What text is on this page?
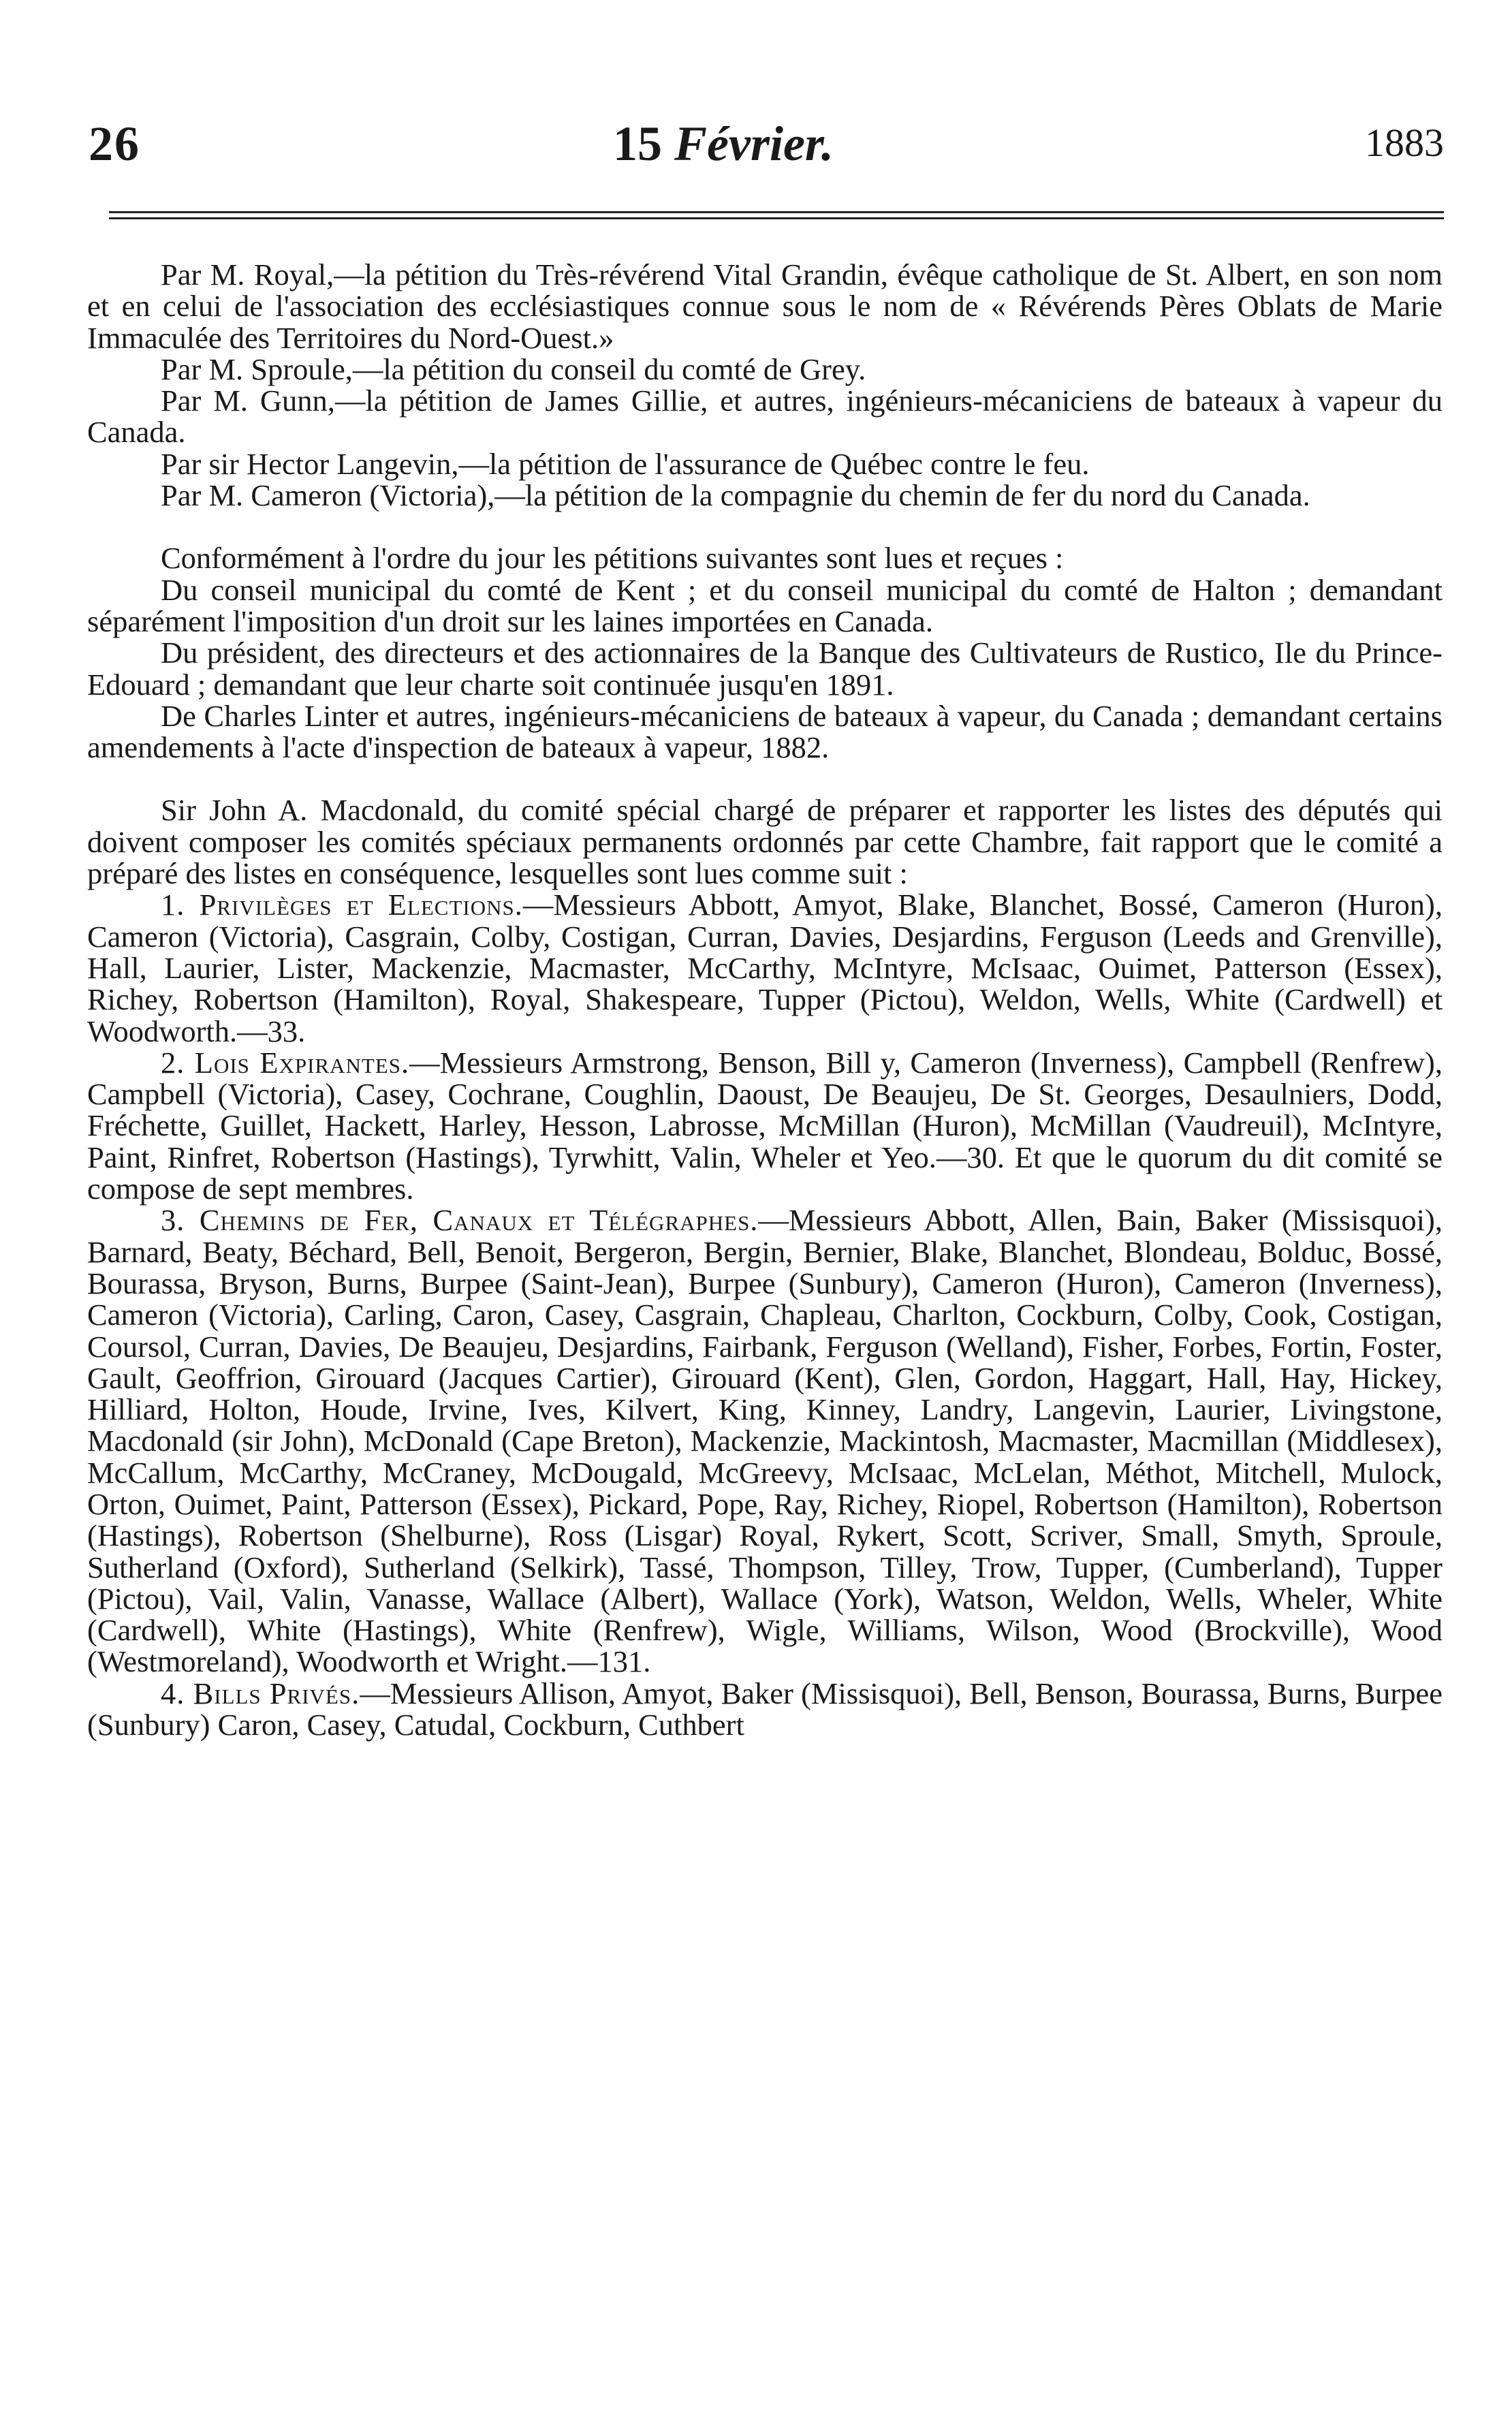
26	15 Février.	1883

Par M. Royal,—la pétition du Très-révérend Vital Grandin, évêque catholique de St. Albert, en son nom et en celui de l'association des ecclésiastiques connue sous le nom de « Révérends Pères Oblats de Marie Immaculée des Territoires du Nord-Ouest.»

Par M. Sproule,—la pétition du conseil du comté de Grey.

Par M. Gunn,—la pétition de James Gillie, et autres, ingénieurs-mécaniciens de bateaux à vapeur du Canada.

Par sir Hector Langevin,—la pétition de l'assurance de Québec contre le feu.

Par M. Cameron (Victoria),—la pétition de la compagnie du chemin de fer du nord du Canada.

Conformément à l'ordre du jour les pétitions suivantes sont lues et reçues :

Du conseil municipal du comté de Kent ; et du conseil municipal du comté de Halton ; demandant séparément l'imposition d'un droit sur les laines importées en Canada.

Du président, des directeurs et des actionnaires de la Banque des Cultivateurs de Rustico, Ile du Prince-Edouard ; demandant que leur charte soit continuée jusqu'en 1891.

De Charles Linter et autres, ingénieurs-mécaniciens de bateaux à vapeur, du Canada ; demandant certains amendements à l'acte d'inspection de bateaux à vapeur, 1882.

Sir John A. Macdonald, du comité spécial chargé de préparer et rapporter les listes des députés qui doivent composer les comités spéciaux permanents ordonnés par cette Chambre, fait rapport que le comité a préparé des listes en conséquence, lesquelles sont lues comme suit :

1. Privilèges et Elections.—Messieurs Abbott, Amyot, Blake, Blanchet, Bossé, Cameron (Huron), Cameron (Victoria), Casgrain, Colby, Costigan, Curran, Davies, Desjardins, Ferguson (Leeds and Grenville), Hall, Laurier, Lister, Mackenzie, Macmaster, McCarthy, McIntyre, McIsaac, Ouimet, Patterson (Essex), Richey, Robertson (Hamilton), Royal, Shakespeare, Tupper (Pictou), Weldon, Wells, White (Cardwell) et Woodworth.—33.

2. Lois Expirantes.—Messieurs Armstrong, Benson, Bill y, Cameron (Inverness), Campbell (Renfrew), Campbell (Victoria), Casey, Cochrane, Coughlin, Daoust, De Beaujeu, De St. Georges, Desaulniers, Dodd, Fréchette, Guillet, Hackett, Harley, Hesson, Labrosse, McMillan (Huron), McMillan (Vaudreuil), McIntyre, Paint, Rinfret, Robertson (Hastings), Tyrwhitt, Valin, Wheler et Yeo.—30. Et que le quorum du dit comité se compose de sept membres.

3. Chemins de Fer, Canaux et Télégraphes.—Messieurs Abbott, Allen, Bain, Baker (Missisquoi), Barnard, Beaty, Béchard, Bell, Benoit, Bergeron, Bergin, Bernier, Blake, Blanchet, Blondeau, Bolduc, Bossé, Bourassa, Bryson, Burns, Burpee (Saint-Jean), Burpee (Sunbury), Cameron (Huron), Cameron (Inverness), Cameron (Victoria), Carling, Caron, Casey, Casgrain, Chapleau, Charlton, Cockburn, Colby, Cook, Costigan, Coursol, Curran, Davies, De Beaujeu, Desjardins, Fairbank, Ferguson (Welland), Fisher, Forbes, Fortin, Foster, Gault, Geoffrion, Girouard (Jacques Cartier), Girouard (Kent), Glen, Gordon, Haggart, Hall, Hay, Hickey, Hilliard, Holton, Houde, Irvine, Ives, Kilvert, King, Kinney, Landry, Langevin, Laurier, Livingstone, Macdonald (sir John), McDonald (Cape Breton), Mackenzie, Mackintosh, Macmaster, Macmillan (Middlesex), McCallum, McCarthy, McCraney, McDougald, McGreevy, McIsaac, McLelan, Méthot, Mitchell, Mulock, Orton, Ouimet, Paint, Patterson (Essex), Pickard, Pope, Ray, Richey, Riopel, Robertson (Hamilton), Robertson (Hastings), Robertson (Shelburne), Ross (Lisgar) Royal, Rykert, Scott, Scriver, Small, Smyth, Sproule, Sutherland (Oxford), Sutherland (Selkirk), Tassé, Thompson, Tilley, Trow, Tupper, (Cumberland), Tupper (Pictou), Vail, Valin, Vanasse, Wallace (Albert), Wallace (York), Watson, Weldon, Wells, Wheler, White (Cardwell), White (Hastings), White (Renfrew), Wigle, Williams, Wilson, Wood (Brockville), Wood (Westmoreland), Woodworth et Wright.—131.

4. Bills Privés.—Messieurs Allison, Amyot, Baker (Missisquoi), Bell, Benson, Bourassa, Burns, Burpee (Sunbury) Caron, Casey, Catudal, Cockburn, Cuthbert
